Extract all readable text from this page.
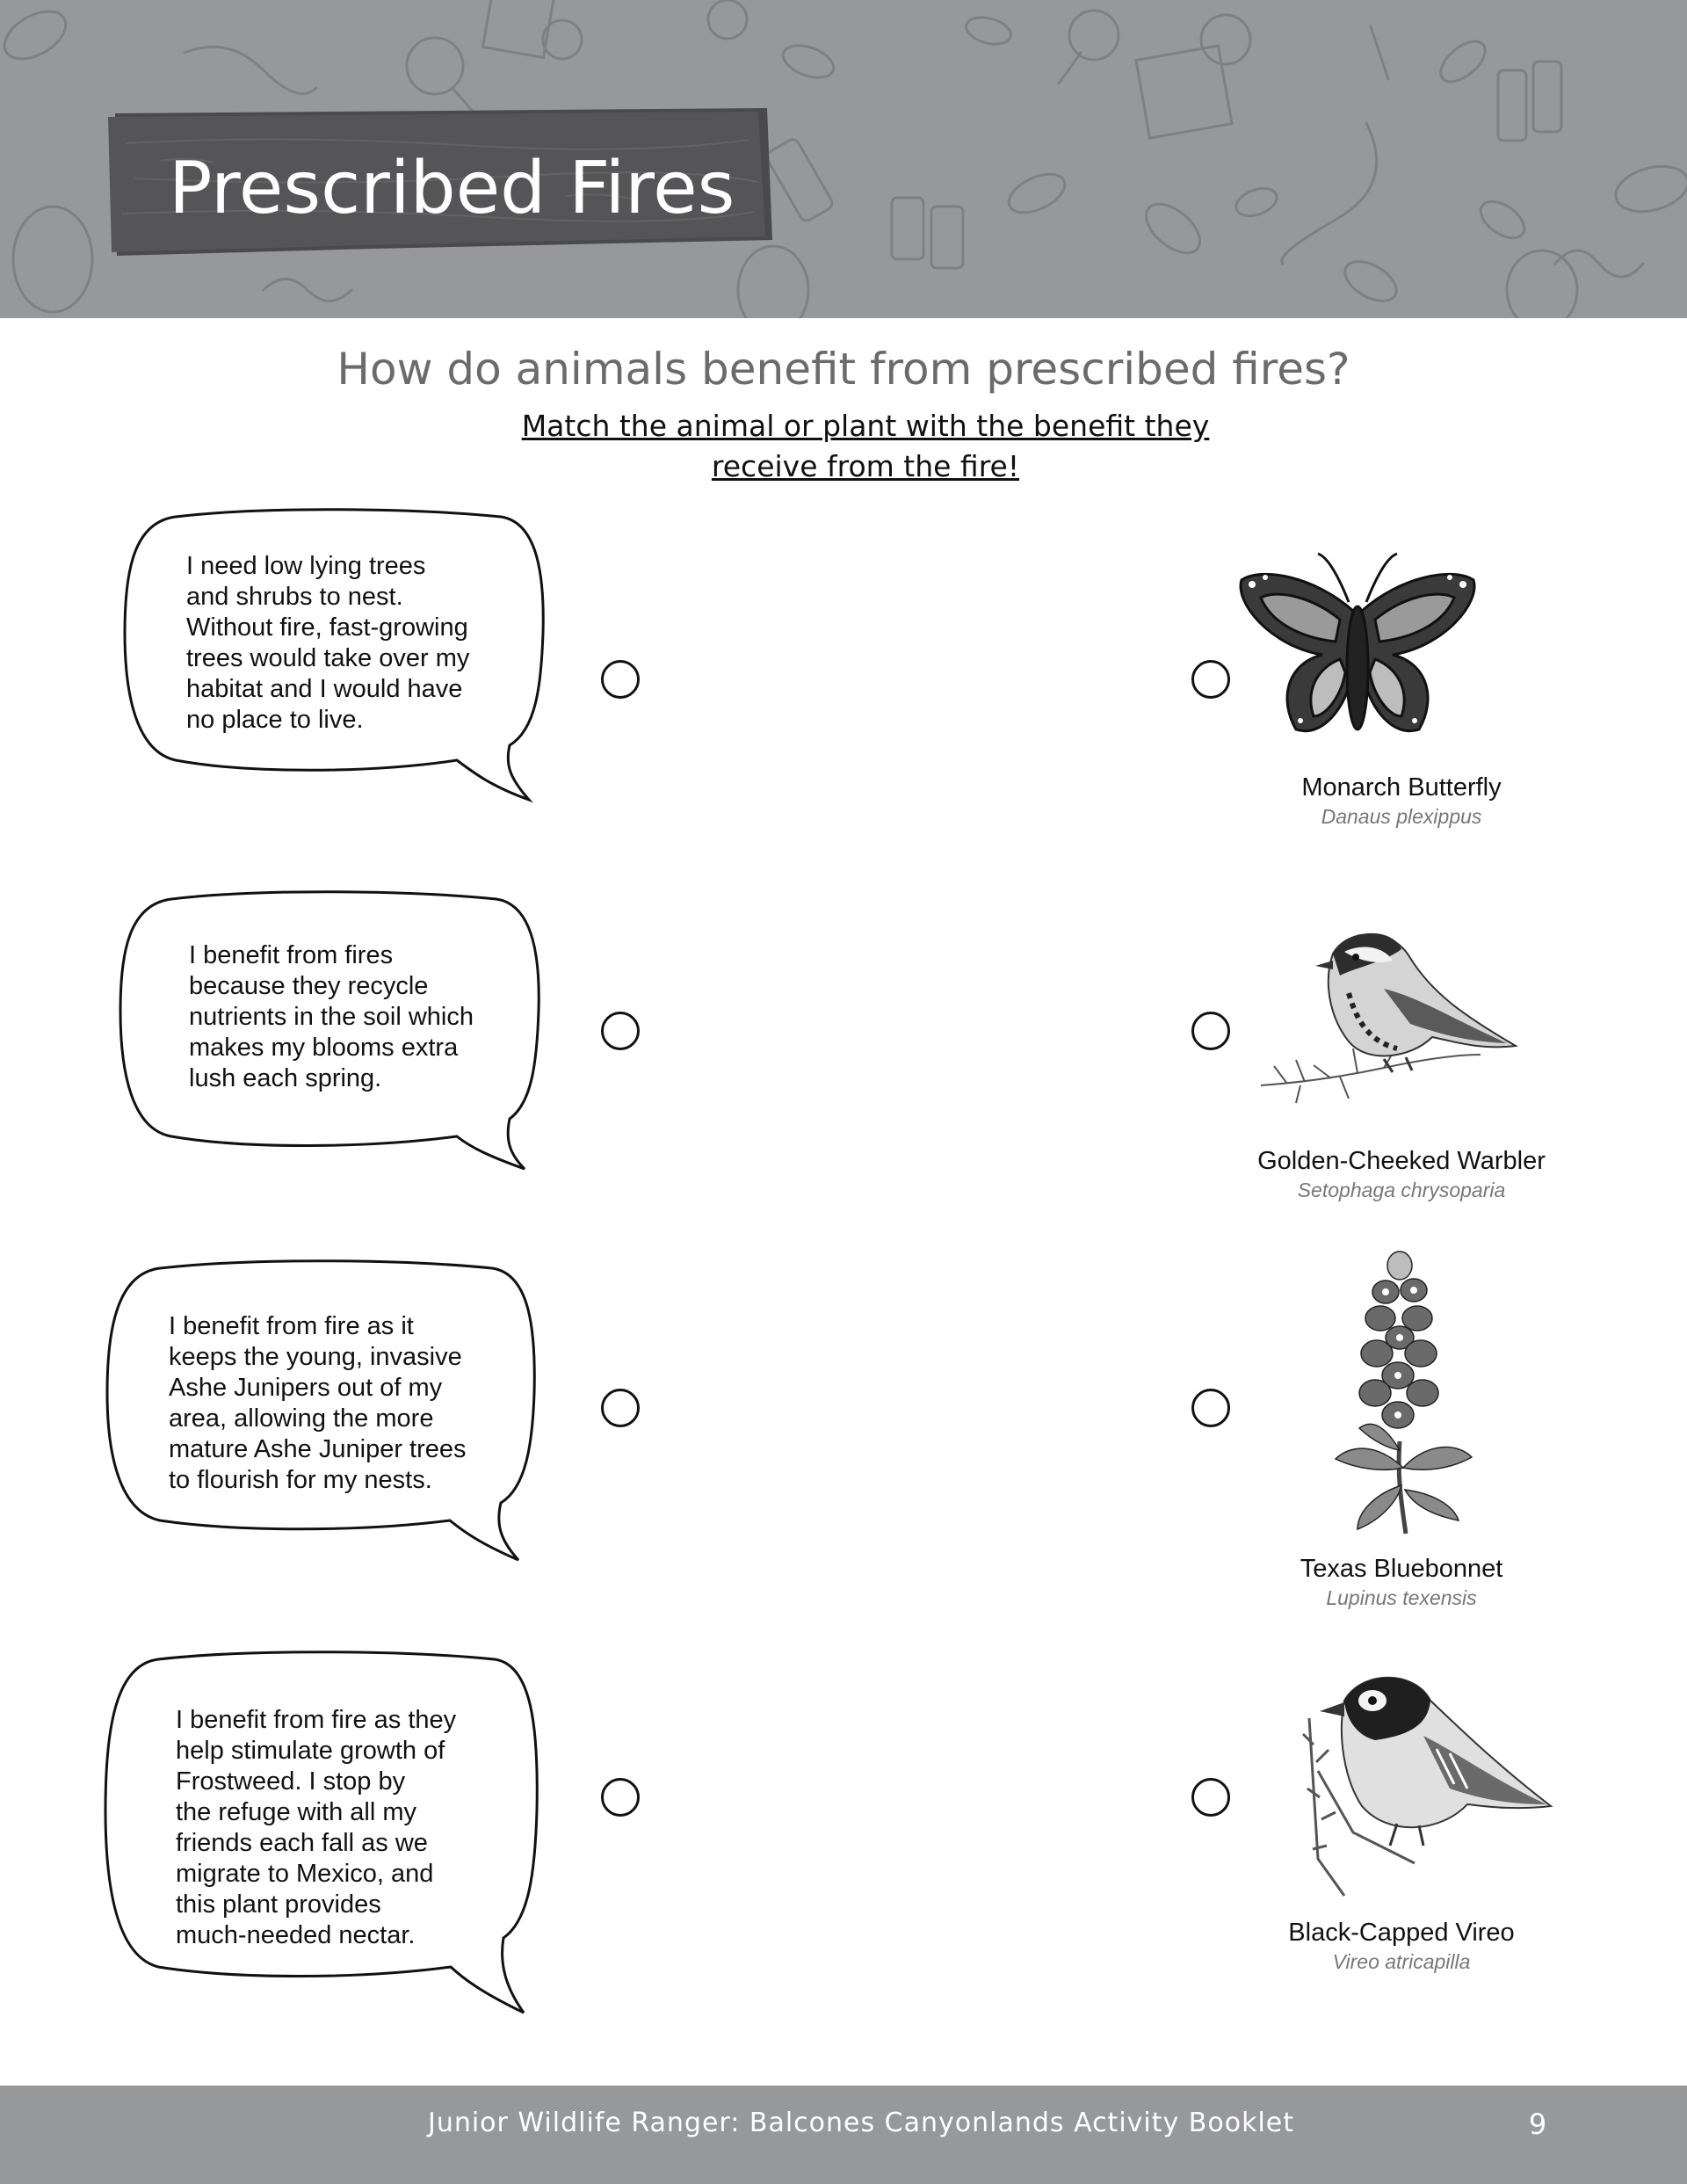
Prescribed Fires
How do animals benefit from prescribed fires?
Match the animal or plant with the benefit they
receive from the fire!
I need low lying trees
and shrubs to nest.
Without fire, fast-growing
trees would take over my
habitat and I would have
no place to live.
I benefit from fires
because they recycle
nutrients in the soil which
makes my blooms extra
lush each spring.
I benefit from fire as it
keeps the young, invasive
Ashe Junipers out of my
area, allowing the more
mature Ashe Juniper trees
to flourish for my nests.
I benefit from fire as they
help stimulate growth of
Frostweed. I stop by
the refuge with all my
friends each fall as we
migrate to Mexico, and
this plant provides
much-needed nectar.
Monarch Butterfly
Danaus plexippus
Golden-Cheeked Warbler
Setophaga chrysoparia
Texas Bluebonnet
Lupinus texensis
Black-Capped Vireo
Vireo atricapilla
Junior Wildlife Ranger: Balcones Canyonlands Activity Booklet	9
